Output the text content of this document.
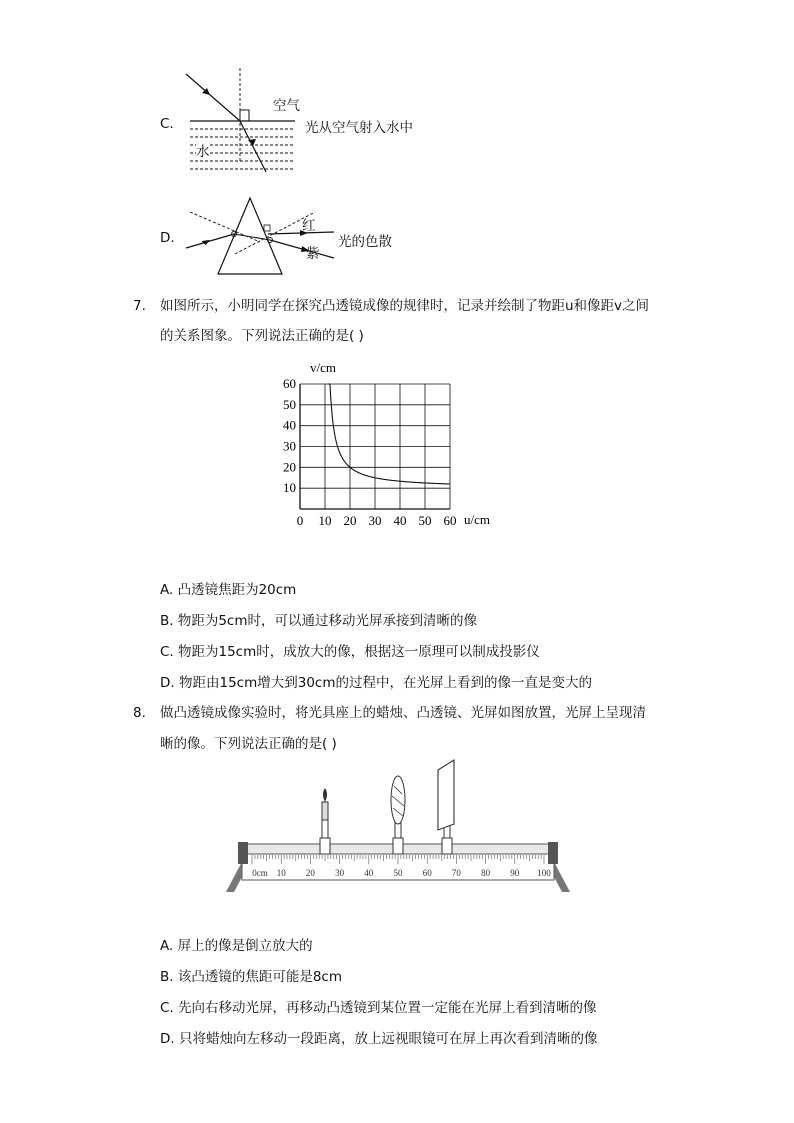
C.
空气
水
光从空气射入水中
D.
红
紫
光的色散
7. 如图所示，小明同学在探究凸透镜成像的规律时，记录并绘制了物距u和像距v之间
的关系图象。下列说法正确的是( )
0 10 20 30 40 50 60
10
20
30
40
50
60
v/cm
u/cm
A. 凸透镜焦距为20cm
B. 物距为5cm时，可以通过移动光屏承接到清晰的像
C. 物距为15cm时，成放大的像，根据这一原理可以制成投影仪
D. 物距由15cm增大到30cm的过程中，在光屏上看到的像一直是变大的
8. 做凸透镜成像实验时，将光具座上的蜡烛、凸透镜、光屏如图放置，光屏上呈现清
晰的像。下列说法正确的是( )
0cm 10 20 30 40 50 60 70 80 90 100
A. 屏上的像是倒立放大的
B. 该凸透镜的焦距可能是8cm
C. 先向右移动光屏，再移动凸透镜到某位置一定能在光屏上看到清晰的像
D. 只将蜡烛向左移动一段距离，放上远视眼镜可在屏上再次看到清晰的像
